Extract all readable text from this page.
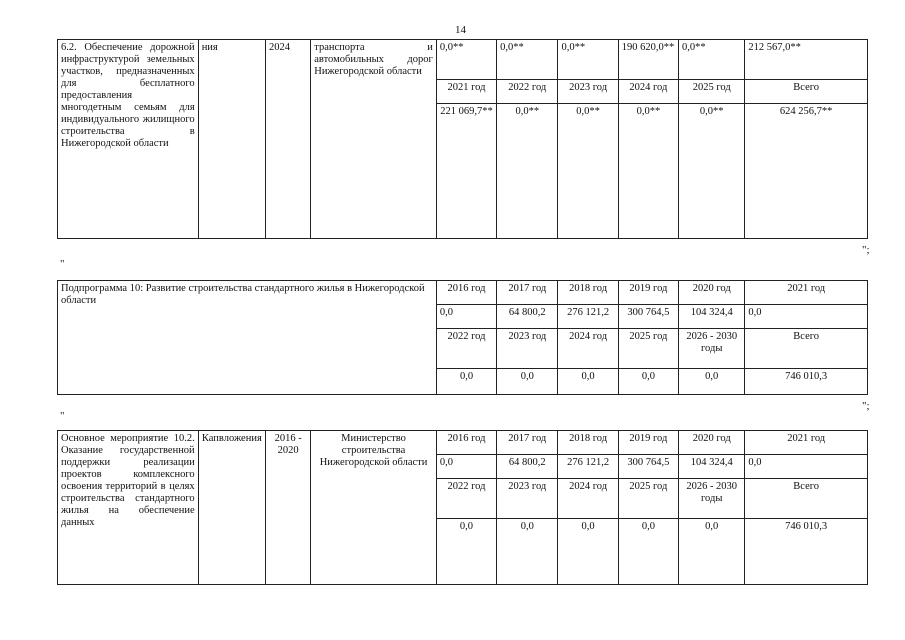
14
6.2. Обеспечение дорожной инфраструктурой земельных участков, предназначенных для бесплатного предоставления многодетным семьям для индивидуального жилищного строительства в Нижегородской области	ния	2024	транспорта и автомобильных дорог Нижегородской области	0,0**	0,0**	0,0**	190 620,0**	0,0**	212 567,0**
				2021 год	2022 год	2023 год	2024 год	2025 год	Всего
				221 069,7**	0,0**	0,0**	0,0**	0,0**	624 256,7**
";
"
Подпрограмма 10: Развитие строительства стандартного жилья в Нижегородской области	2016 год	2017 год	2018 год	2019 год	2020 год	2021 год
	0,0	64 800,2	276 121,2	300 764,5	104 324,4	0,0
	2022 год	2023 год	2024 год	2025 год	2026 - 2030 годы	Всего
	0,0	0,0	0,0	0,0	0,0	746 010,3
";
"
Основное мероприятие 10.2. Оказание государственной поддержки реализации проектов комплексного освоения территорий в целях строительства стандартного жилья на обеспечение данных	Капвложения	2016 - 2020	Министерство строительства Нижегородской области	2016 год	2017 год	2018 год	2019 год	2020 год	2021 год
				0,0	64 800,2	276 121,2	300 764,5	104 324,4	0,0
				2022 год	2023 год	2024 год	2025 год	2026 - 2030 годы	Всего
				0,0	0,0	0,0	0,0	0,0	746 010,3
